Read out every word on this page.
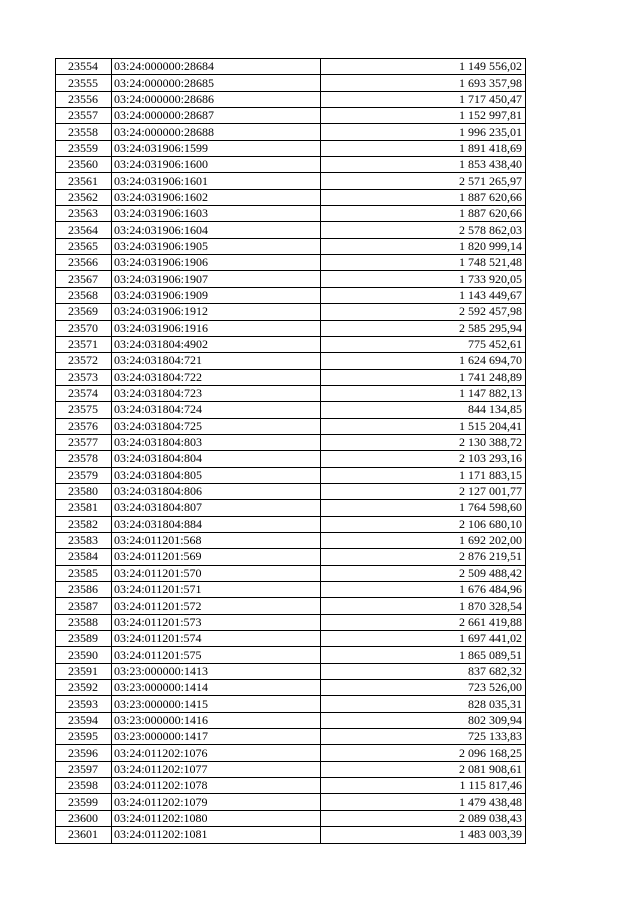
23554	03:24:000000:28684	1 149 556,02
23555	03:24:000000:28685	1 693 357,98
23556	03:24:000000:28686	1 717 450,47
23557	03:24:000000:28687	1 152 997,81
23558	03:24:000000:28688	1 996 235,01
23559	03:24:031906:1599	1 891 418,69
23560	03:24:031906:1600	1 853 438,40
23561	03:24:031906:1601	2 571 265,97
23562	03:24:031906:1602	1 887 620,66
23563	03:24:031906:1603	1 887 620,66
23564	03:24:031906:1604	2 578 862,03
23565	03:24:031906:1905	1 820 999,14
23566	03:24:031906:1906	1 748 521,48
23567	03:24:031906:1907	1 733 920,05
23568	03:24:031906:1909	1 143 449,67
23569	03:24:031906:1912	2 592 457,98
23570	03:24:031906:1916	2 585 295,94
23571	03:24:031804:4902	775 452,61
23572	03:24:031804:721	1 624 694,70
23573	03:24:031804:722	1 741 248,89
23574	03:24:031804:723	1 147 882,13
23575	03:24:031804:724	844 134,85
23576	03:24:031804:725	1 515 204,41
23577	03:24:031804:803	2 130 388,72
23578	03:24:031804:804	2 103 293,16
23579	03:24:031804:805	1 171 883,15
23580	03:24:031804:806	2 127 001,77
23581	03:24:031804:807	1 764 598,60
23582	03:24:031804:884	2 106 680,10
23583	03:24:011201:568	1 692 202,00
23584	03:24:011201:569	2 876 219,51
23585	03:24:011201:570	2 509 488,42
23586	03:24:011201:571	1 676 484,96
23587	03:24:011201:572	1 870 328,54
23588	03:24:011201:573	2 661 419,88
23589	03:24:011201:574	1 697 441,02
23590	03:24:011201:575	1 865 089,51
23591	03:23:000000:1413	837 682,32
23592	03:23:000000:1414	723 526,00
23593	03:23:000000:1415	828 035,31
23594	03:23:000000:1416	802 309,94
23595	03:23:000000:1417	725 133,83
23596	03:24:011202:1076	2 096 168,25
23597	03:24:011202:1077	2 081 908,61
23598	03:24:011202:1078	1 115 817,46
23599	03:24:011202:1079	1 479 438,48
23600	03:24:011202:1080	2 089 038,43
23601	03:24:011202:1081	1 483 003,39
